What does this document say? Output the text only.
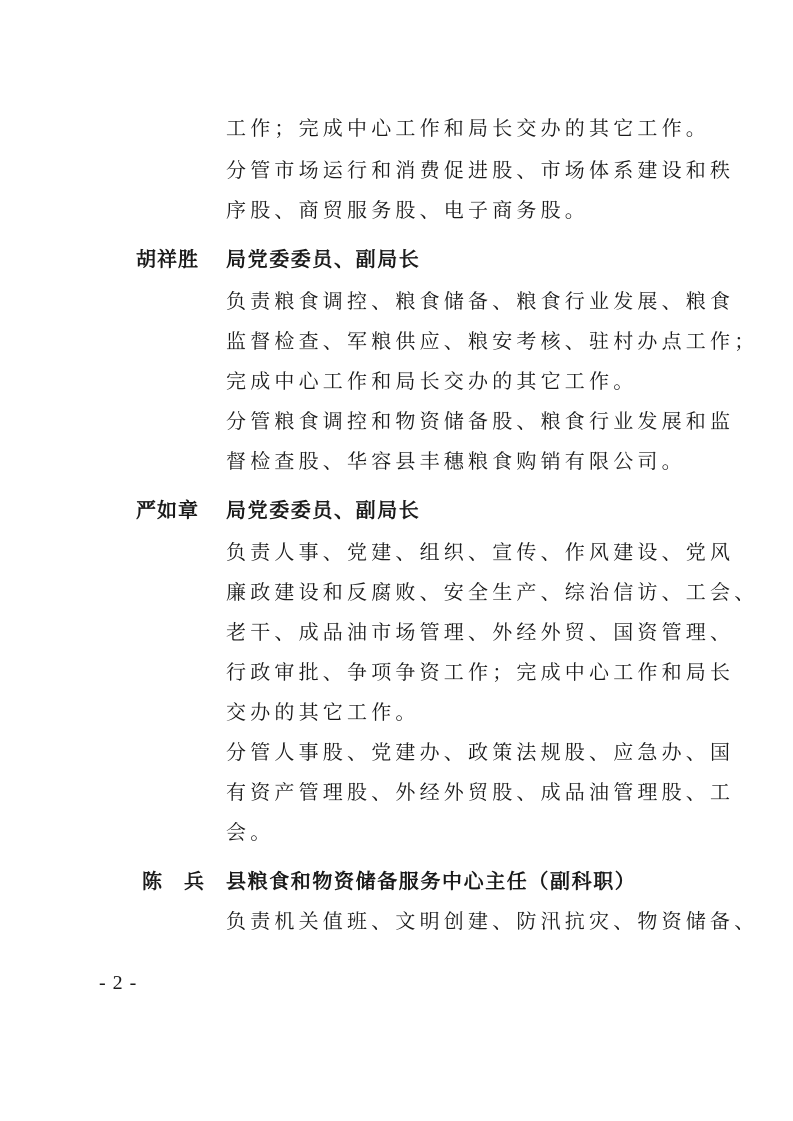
工作；完成中心工作和局长交办的其它工作。
分管市场运行和消费促进股、市场体系建设和秩
序股、商贸服务股、电子商务股。
胡祥胜 局党委委员、副局长
负责粮食调控、粮食储备、粮食行业发展、粮食
监督检查、军粮供应、粮安考核、驻村办点工作；
完成中心工作和局长交办的其它工作。
分管粮食调控和物资储备股、粮食行业发展和监
督检查股、华容县丰穗粮食购销有限公司。
严如章 局党委委员、副局长
负责人事、党建、组织、宣传、作风建设、党风
廉政建设和反腐败、安全生产、综治信访、工会、
老干、成品油市场管理、外经外贸、国资管理、
行政审批、争项争资工作；完成中心工作和局长
交办的其它工作。
分管人事股、党建办、政策法规股、应急办、国
有资产管理股、外经外贸股、成品油管理股、工
会。
陈　兵 县粮食和物资储备服务中心主任（副科职）
负责机关值班、文明创建、防汛抗灾、物资储备、
- 2 -
